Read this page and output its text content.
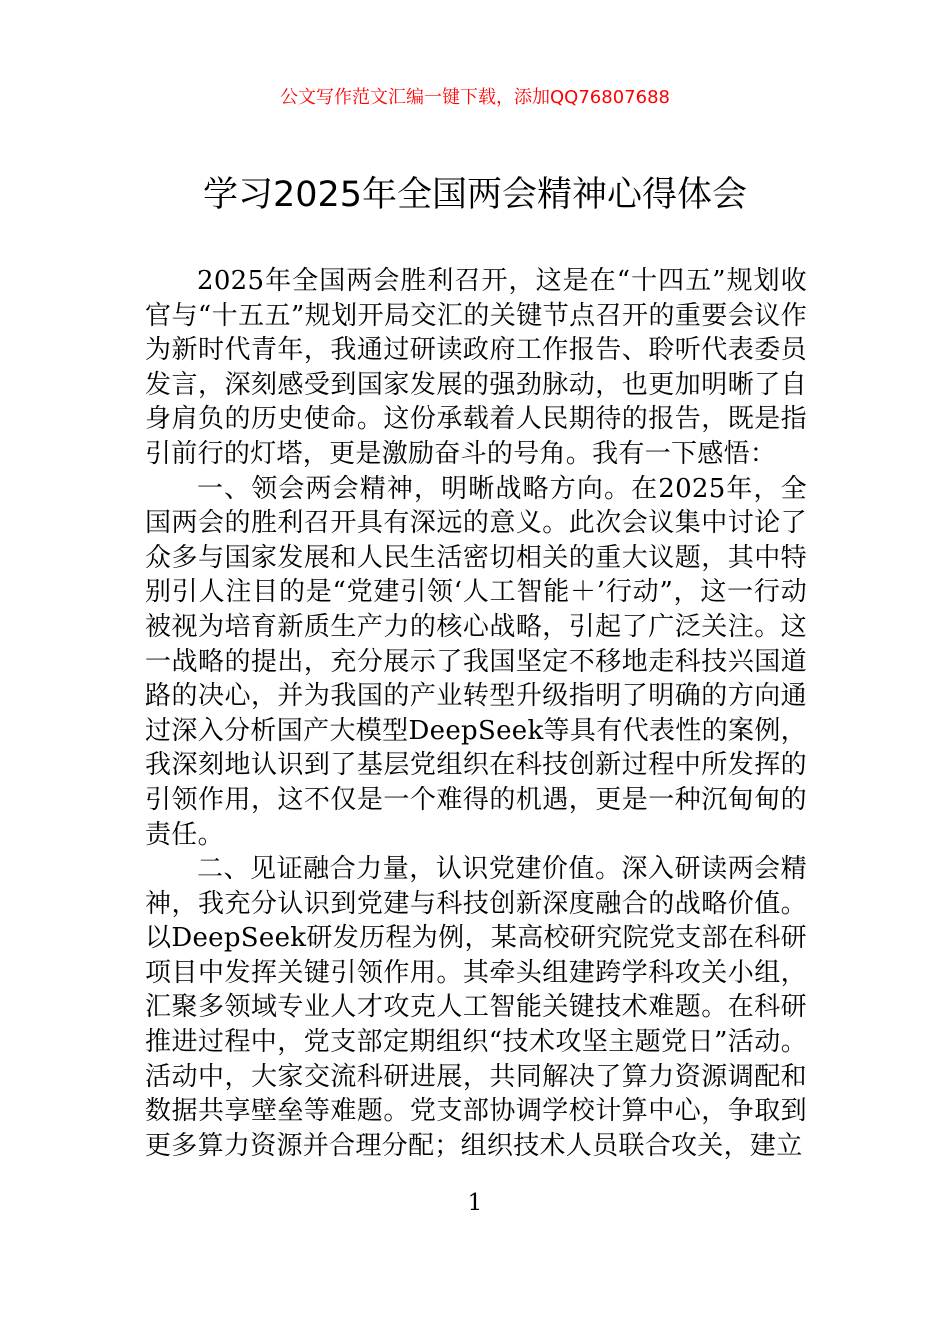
公文写作范文汇编一键下载，添加QQ76807688
学习2025年全国两会精神心得体会

2025年全国两会胜利召开，这是在“十四五”规划收官与“十五五”规划开局交汇的关键节点召开的重要会议作为新时代青年，我通过研读政府工作报告、聆听代表委员发言，深刻感受到国家发展的强劲脉动，也更加明晰了自身肩负的历史使命。这份承载着人民期待的报告，既是指引前行的灯塔，更是激励奋斗的号角。我有一下感悟：

一、领会两会精神，明晰战略方向。在2025年，全国两会的胜利召开具有深远的意义。此次会议集中讨论了众多与国家发展和人民生活密切相关的重大议题，其中特别引人注目的是“党建引领‘人工智能＋’行动”，这一行动被视为培育新质生产力的核心战略，引起了广泛关注。这一战略的提出，充分展示了我国坚定不移地走科技兴国道路的决心，并为我国的产业转型升级指明了明确的方向通过深入分析国产大模型DeepSeek等具有代表性的案例，我深刻地认识到了基层党组织在科技创新过程中所发挥的引领作用，这不仅是一个难得的机遇，更是一种沉甸甸的责任。

二、见证融合力量，认识党建价值。深入研读两会精神，我充分认识到党建与科技创新深度融合的战略价值。以DeepSeek研发历程为例，某高校研究院党支部在科研项目中发挥关键引领作用。其牵头组建跨学科攻关小组，汇聚多领域专业人才攻克人工智能关键技术难题。在科研推进过程中，党支部定期组织“技术攻坚主题党日”活动。活动中，大家交流科研进展，共同解决了算力资源调配和数据共享壁垒等难题。党支部协调学校计算中心，争取到更多算力资源并合理分配；组织技术人员联合攻关，建立

1
